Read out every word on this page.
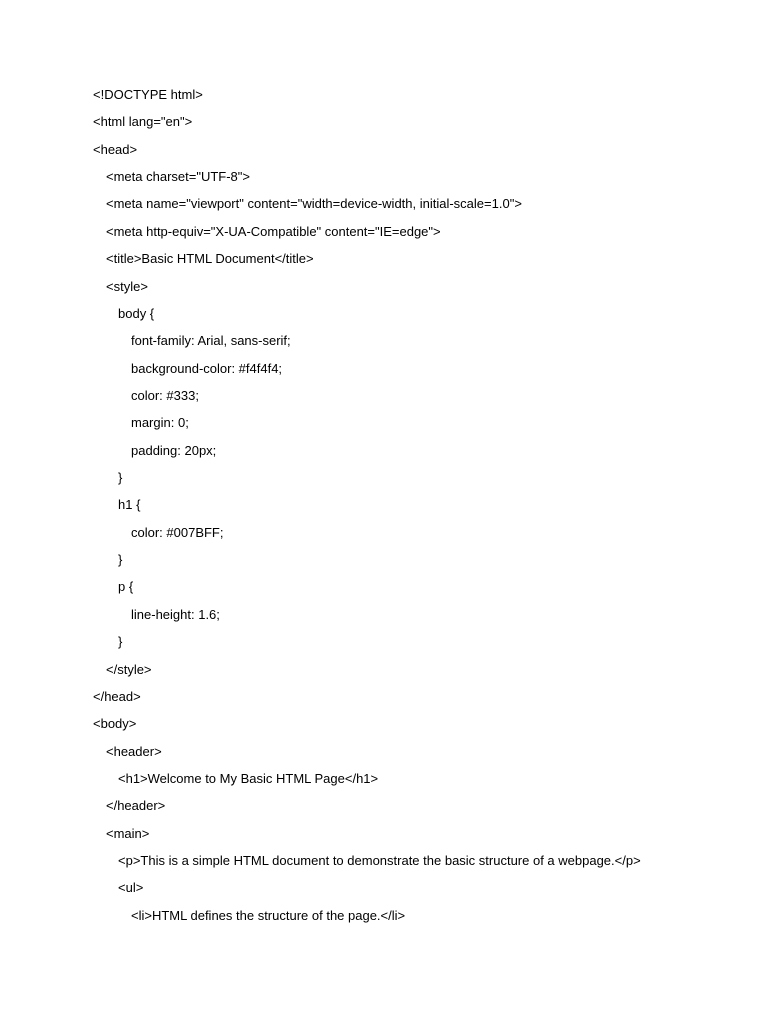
<!DOCTYPE html>
<html lang="en">
<head>
<meta charset="UTF-8">
<meta name="viewport" content="width=device-width, initial-scale=1.0">
<meta http-equiv="X-UA-Compatible" content="IE=edge">
<title>Basic HTML Document</title>
<style>
body {
font-family: Arial, sans-serif;
background-color: #f4f4f4;
color: #333;
margin: 0;
padding: 20px;
}
h1 {
color: #007BFF;
}
p {
line-height: 1.6;
}
</style>
</head>
<body>
<header>
<h1>Welcome to My Basic HTML Page</h1>
</header>
<main>
<p>This is a simple HTML document to demonstrate the basic structure of a webpage.</p>
<ul>
<li>HTML defines the structure of the page.</li>
